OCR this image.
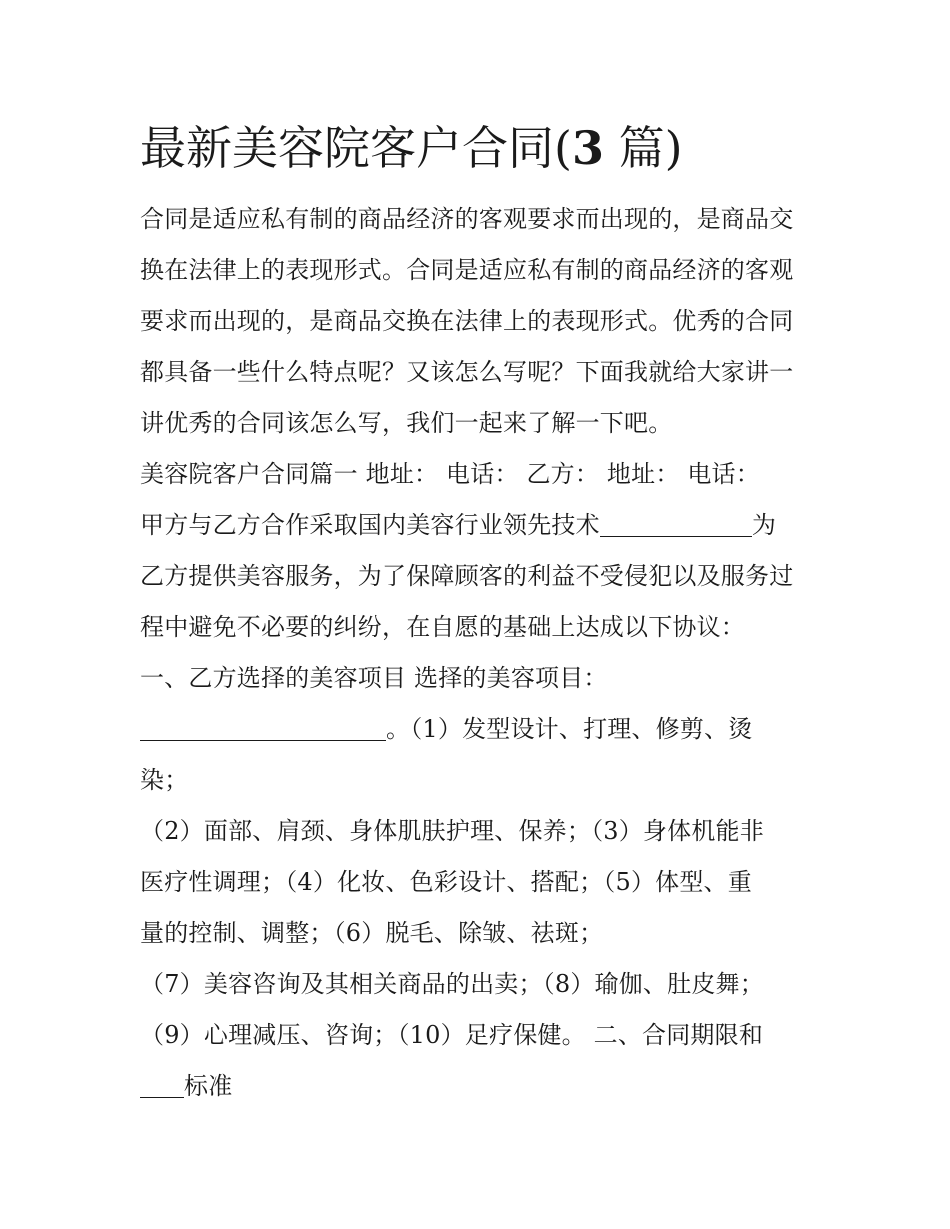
最新美容院客户合同(3 篇)
合同是适应私有制的商品经济的客观要求而出现的，是商品交
换在法律上的表现形式。合同是适应私有制的商品经济的客观
要求而出现的，是商品交换在法律上的表现形式。优秀的合同
都具备一些什么特点呢？又该怎么写呢？下面我就给大家讲一
讲优秀的合同该怎么写，我们一起来了解一下吧。
美容院客户合同篇一 地址： 电话： 乙方： 地址： 电话：
甲方与乙方合作采取国内美容行业领先技术	为
乙方提供美容服务，为了保障顾客的利益不受侵犯以及服务过
程中避免不必要的纠纷，在自愿的基础上达成以下协议：
一、乙方选择的美容项目 选择的美容项目：
。（1）发型设计、打理、修剪、烫
染；
（2）面部、肩颈、身体肌肤护理、保养；（3）身体机能非
医疗性调理；（4）化妆、色彩设计、搭配；（5）体型、重
量的控制、调整；（6）脱毛、除皱、祛斑；
（7）美容咨询及其相关商品的出卖；（8）瑜伽、肚皮舞；
（9）心理减压、咨询；（10）足疗保健。 二、合同期限和
标准
